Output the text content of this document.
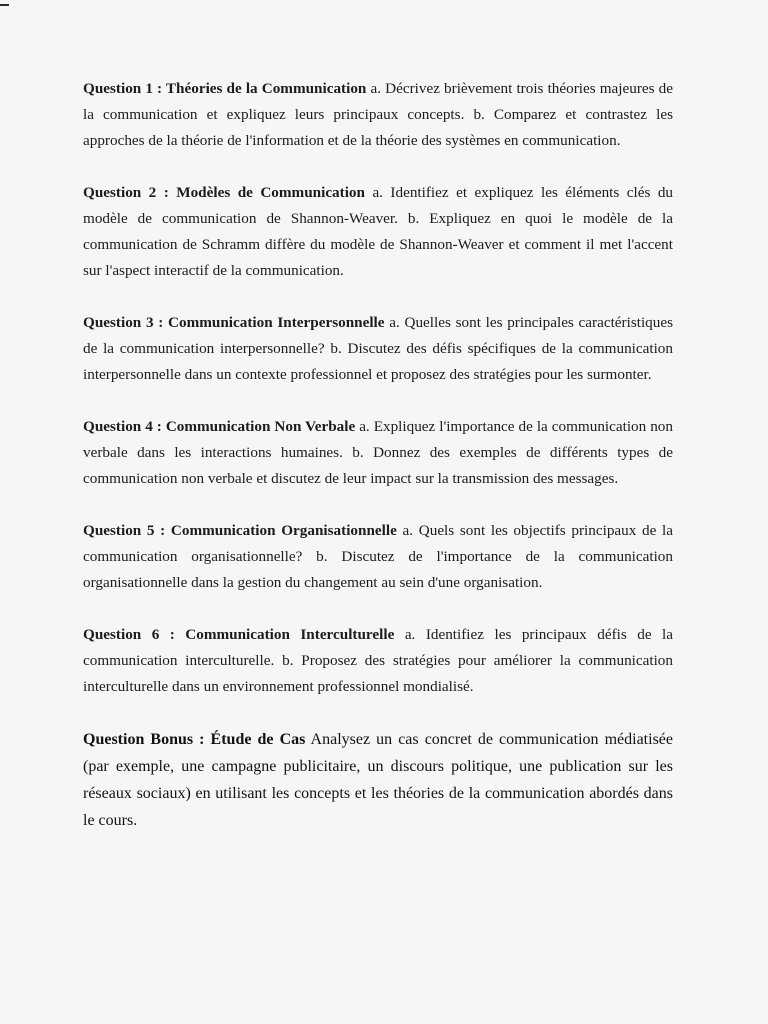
Question 1 : Théories de la Communication a. Décrivez brièvement trois théories majeures de la communication et expliquez leurs principaux concepts. b. Comparez et contrastez les approches de la théorie de l'information et de la théorie des systèmes en communication.

Question 2 : Modèles de Communication a. Identifiez et expliquez les éléments clés du modèle de communication de Shannon-Weaver. b. Expliquez en quoi le modèle de la communication de Schramm diffère du modèle de Shannon-Weaver et comment il met l'accent sur l'aspect interactif de la communication.

Question 3 : Communication Interpersonnelle a. Quelles sont les principales caractéristiques de la communication interpersonnelle? b. Discutez des défis spécifiques de la communication interpersonnelle dans un contexte professionnel et proposez des stratégies pour les surmonter.

Question 4 : Communication Non Verbale a. Expliquez l'importance de la communication non verbale dans les interactions humaines. b. Donnez des exemples de différents types de communication non verbale et discutez de leur impact sur la transmission des messages.

Question 5 : Communication Organisationnelle a. Quels sont les objectifs principaux de la communication organisationnelle? b. Discutez de l'importance de la communication organisationnelle dans la gestion du changement au sein d'une organisation.

Question 6 : Communication Interculturelle a. Identifiez les principaux défis de la communication interculturelle. b. Proposez des stratégies pour améliorer la communication interculturelle dans un environnement professionnel mondialisé.

Question Bonus : Étude de Cas Analysez un cas concret de communication médiatisée (par exemple, une campagne publicitaire, un discours politique, une publication sur les réseaux sociaux) en utilisant les concepts et les théories de la communication abordés dans le cours.
